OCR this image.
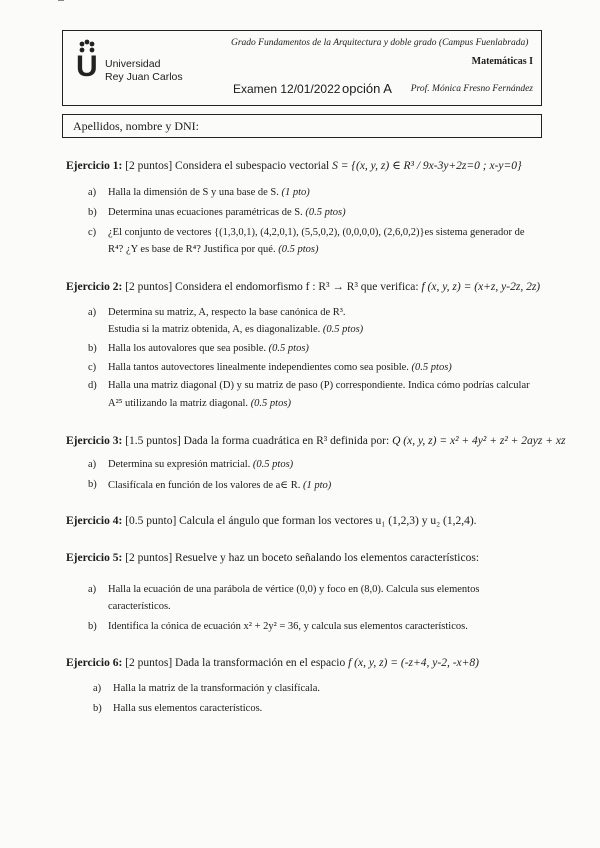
U Universidad
Rey Juan Carlos
Grado Fundamentos de la Arquitectura y doble grado (Campus Fuenlabrada)
Matemáticas I
Examen 12/01/2022 opción A Prof. Mónica Fresno Fernández
Apellidos, nombre y DNI:
Ejercicio 1: [2 puntos] Considera el subespacio vectorial S = {(x, y, z) ∈ R³ / 9x-3y+2z=0 ; x-y=0}
a) Halla la dimensión de S y una base de S. (1 pto)
b) Determina unas ecuaciones paramétricas de S. (0.5 ptos)
c) ¿El conjunto de vectores {(1,3,0,1), (4,2,0,1), (5,5,0,2), (0,0,0,0), (2,6,0,2)}es sistema generador de
R⁴? ¿Y es base de R⁴? Justifica por qué. (0.5 ptos)
Ejercicio 2: [2 puntos] Considera el endomorfismo f : R³ → R³ que verifica: f (x, y, z) = (x+z, y-2z, 2z)
a) Determina su matriz, A, respecto la base canónica de R³.
Estudia si la matriz obtenida, A, es diagonalizable. (0.5 ptos)
b) Halla los autovalores que sea posible. (0.5 ptos)
c) Halla tantos autovectores linealmente independientes como sea posible. (0.5 ptos)
d) Halla una matriz diagonal (D) y su matriz de paso (P) correspondiente. Indica cómo podrías calcular
A²⁵ utilizando la matriz diagonal. (0.5 ptos)
Ejercicio 3: [1.5 puntos] Dada la forma cuadrática en R³ definida por: Q (x, y, z) = x² + 4y² + z² + 2ayz + xz
a) Determina su expresión matricial. (0.5 ptos)
b) Clasifícala en función de los valores de a∈ R. (1 pto)
Ejercicio 4: [0.5 punto] Calcula el ángulo que forman los vectores u₁ (1,2,3) y u₂ (1,2,4).
Ejercicio 5: [2 puntos] Resuelve y haz un boceto señalando los elementos característicos:
a) Halla la ecuación de una parábola de vértice (0,0) y foco en (8,0). Calcula sus elementos
característicos.
b) Identifica la cónica de ecuación x² + 2y² = 36, y calcula sus elementos característicos.
Ejercicio 6: [2 puntos] Dada la transformación en el espacio f (x, y, z) = (-z+4, y-2, -x+8)
a) Halla la matriz de la transformación y clasifícala.
b) Halla sus elementos característicos.
